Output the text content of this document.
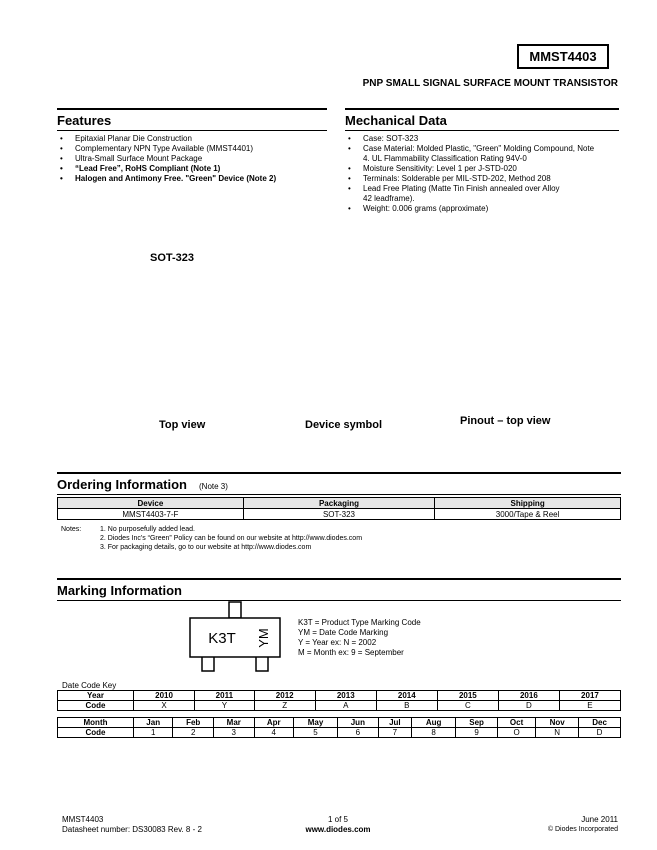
MMST4403
PNP SMALL SIGNAL SURFACE MOUNT TRANSISTOR
Features
• Epitaxial Planar Die Construction
• Complementary NPN Type Available (MMST4401)
• Ultra-Small Surface Mount Package
• “Lead Free”, RoHS Compliant (Note 1)
• Halogen and Antimony Free. "Green" Device (Note 2)
Mechanical Data
• Case: SOT-323
• Case Material: Molded Plastic, "Green" Molding Compound, Note 4. UL Flammability Classification Rating 94V-0
• Moisture Sensitivity: Level 1 per J-STD-020
• Terminals: Solderable per MIL-STD-202, Method 208
• Lead Free Plating (Matte Tin Finish annealed over Alloy 42 leadframe).
• Weight: 0.006 grams (approximate)
SOT-323
Top view	Device symbol	Pinout – top view
Ordering Information (Note 3)
Device	Packaging	Shipping
MMST4403-7-F	SOT-323	3000/Tape & Reel
Notes:	1. No purposefully added lead.
2. Diodes Inc's “Green” Policy can be found on our website at http://www.diodes.com
3. For packaging details, go to our website at http://www.diodes.com
Marking Information
K3T YM
K3T = Product Type Marking Code
YM = Date Code Marking
Y = Year ex: N = 2002
M = Month ex: 9 = September
Date Code Key
Year	2010	2011	2012	2013	2014	2015	2016	2017
Code	X	Y	Z	A	B	C	D	E
Month	Jan	Feb	Mar	Apr	May	Jun	Jul	Aug	Sep	Oct	Nov	Dec
Code	1	2	3	4	5	6	7	8	9	O	N	D
MMST4403
Datasheet number: DS30083 Rev. 8 - 2
1 of 5
www.diodes.com
June 2011
© Diodes Incorporated
